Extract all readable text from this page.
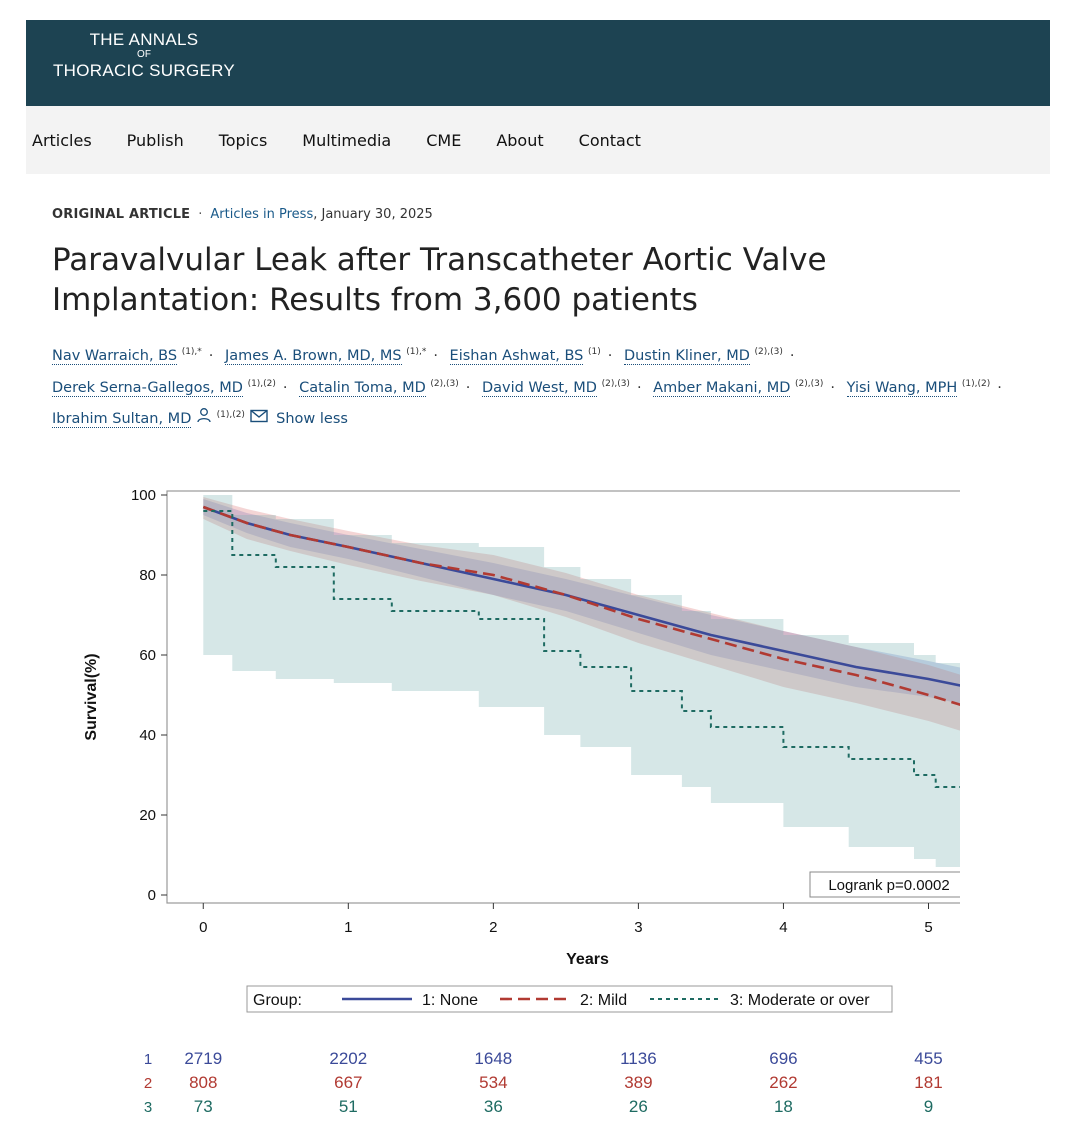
THE ANNALS
OF
THORACIC SURGERY
Articles Publish Topics Multimedia CME About Contact
ORIGINAL ARTICLE · Articles in Press, January 30, 2025
Paravalvular Leak after Transcatheter Aortic Valve
Implantation: Results from 3,600 patients
Nav Warraich, BS $^{(1),*}$ · James A. Brown, MD, MS $^{(1),*}$ · Eishan Ashwat, BS $^{(1)}$ · Dustin Kliner, MD $^{(2),(3)}$ ·
Derek Serna-Gallegos, MD $^{(1),(2)}$ · Catalin Toma, MD $^{(2),(3)}$ · David West, MD $^{(2),(3)}$ · Amber Makani, MD $^{(2),(3)}$ · Yisi Wang, MPH $^{(1),(2)}$ ·
Ibrahim Sultan, MD	$^{(1),(2)}$ Show less
0
20
40
60
80
100
0	1	2	3	4	5
Years
Survival(%)
Logrank p=0.0002
Group:	1: None	2: Mild	3: Moderate or over
1 2719	2202	1648	1136	696	455
2 808	667	534	389	262	181
3 73	51	36	26	18	9
